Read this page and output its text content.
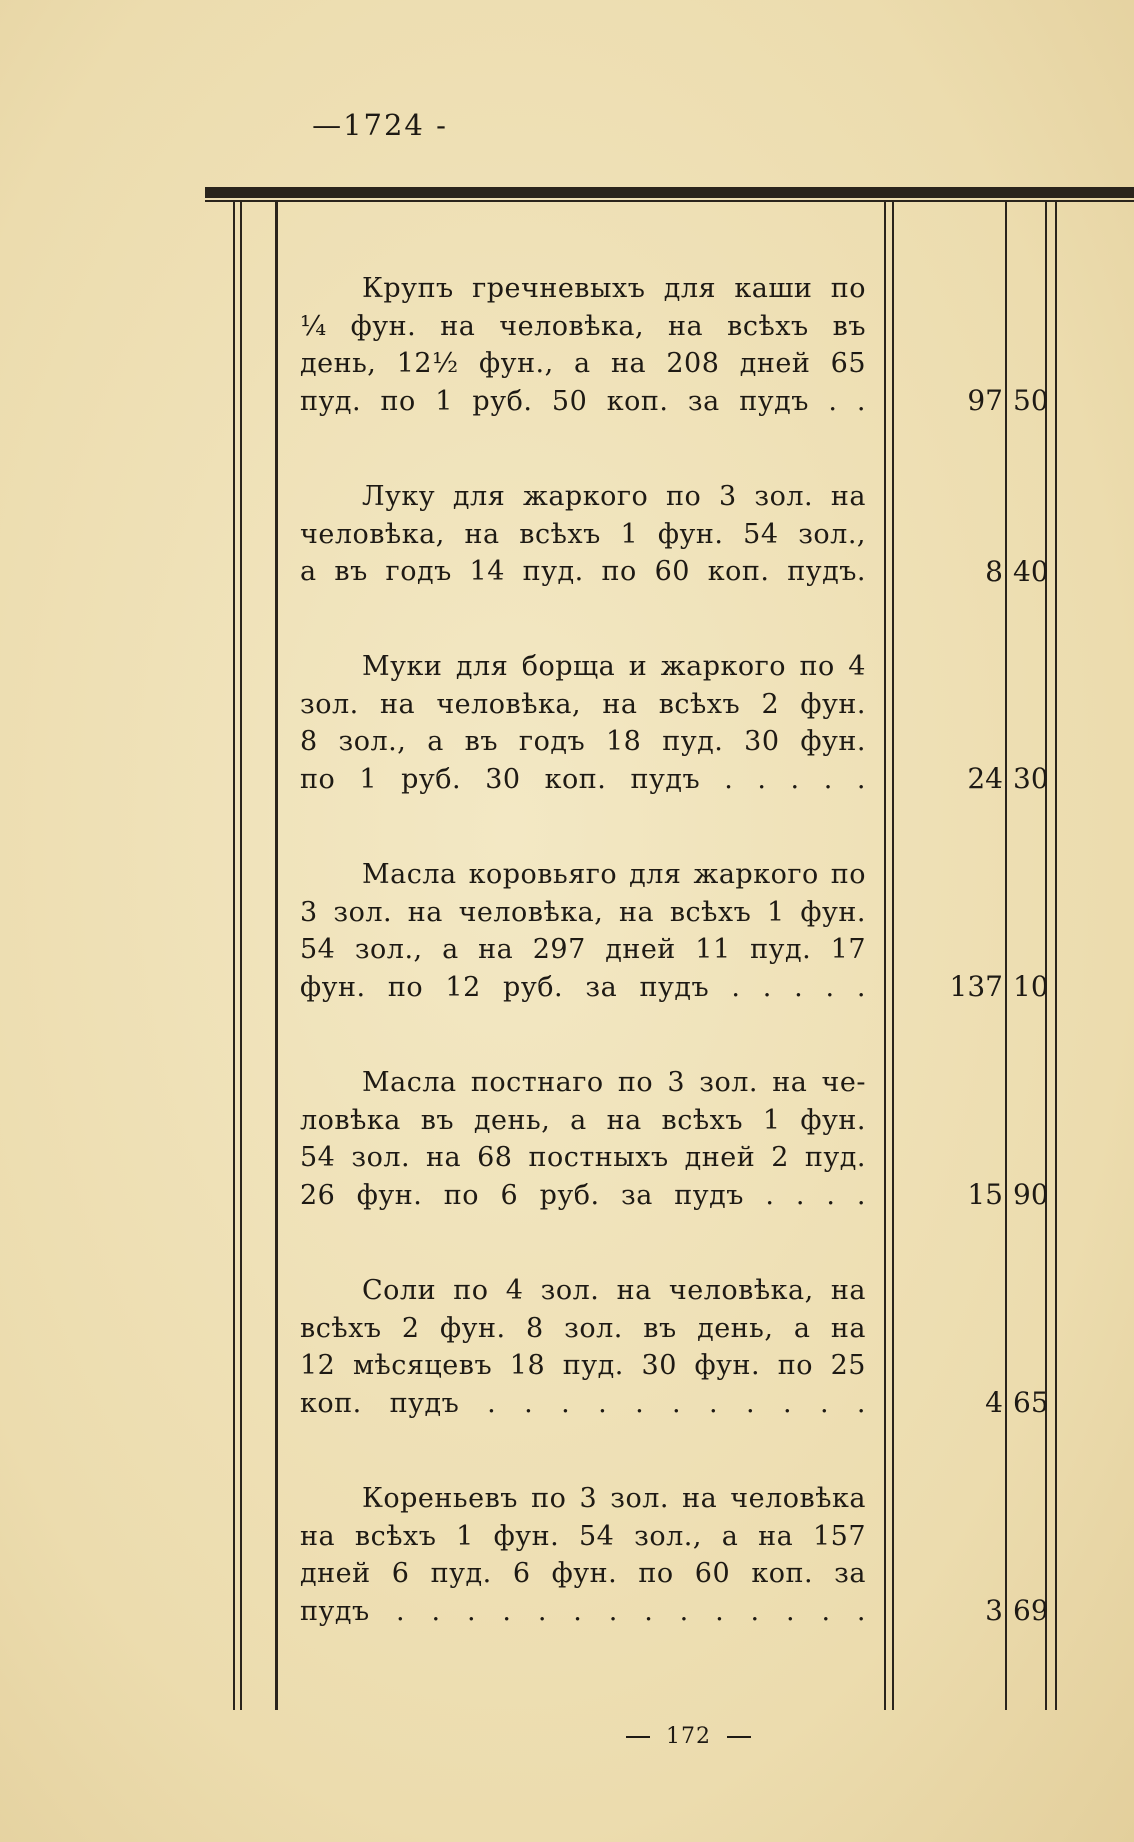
—1724 -
Крупъ гречневыхъ для каши по
¼ фун. на человѣка, на всѣхъ въ
день, 12½ фун., а на 208 дней 65
пуд. по 1 руб. 50 коп. за пудъ . .	97 50
Луку для жаркого по 3 зол. на
человѣка, на всѣхъ 1 фун. 54 зол.,
а въ годъ 14 пуд. по 60 коп. пудъ.	8 40
Муки для борща и жаркого по 4
зол. на человѣка, на всѣхъ 2 фун.
8 зол., а въ годъ 18 пуд. 30 фун.
по 1 руб. 30 коп. пудъ . . . . .	24 30
Масла коровьяго для жаркого по
3 зол. на человѣка, на всѣхъ 1 фун.
54 зол., а на 297 дней 11 пуд. 17
фун. по 12 руб. за пудъ . . . . .	137 10
Масла постнаго по 3 зол. на че-
ловѣка въ день, а на всѣхъ 1 фун.
54 зол. на 68 постныхъ дней 2 пуд.
26 фун. по 6 руб. за пудъ . . . .	15 90
Соли по 4 зол. на человѣка, на
всѣхъ 2 фун. 8 зол. въ день, а на
12 мѣсяцевъ 18 пуд. 30 фун. по 25
коп. пудъ . . . . . . . . . . .	4 65
Кореньевъ по 3 зол. на человѣка
на всѣхъ 1 фун. 54 зол., а на 157
дней 6 пуд. 6 фун. по 60 коп. за
пудъ . . . . . . . . . . . . . .	3 69
172
